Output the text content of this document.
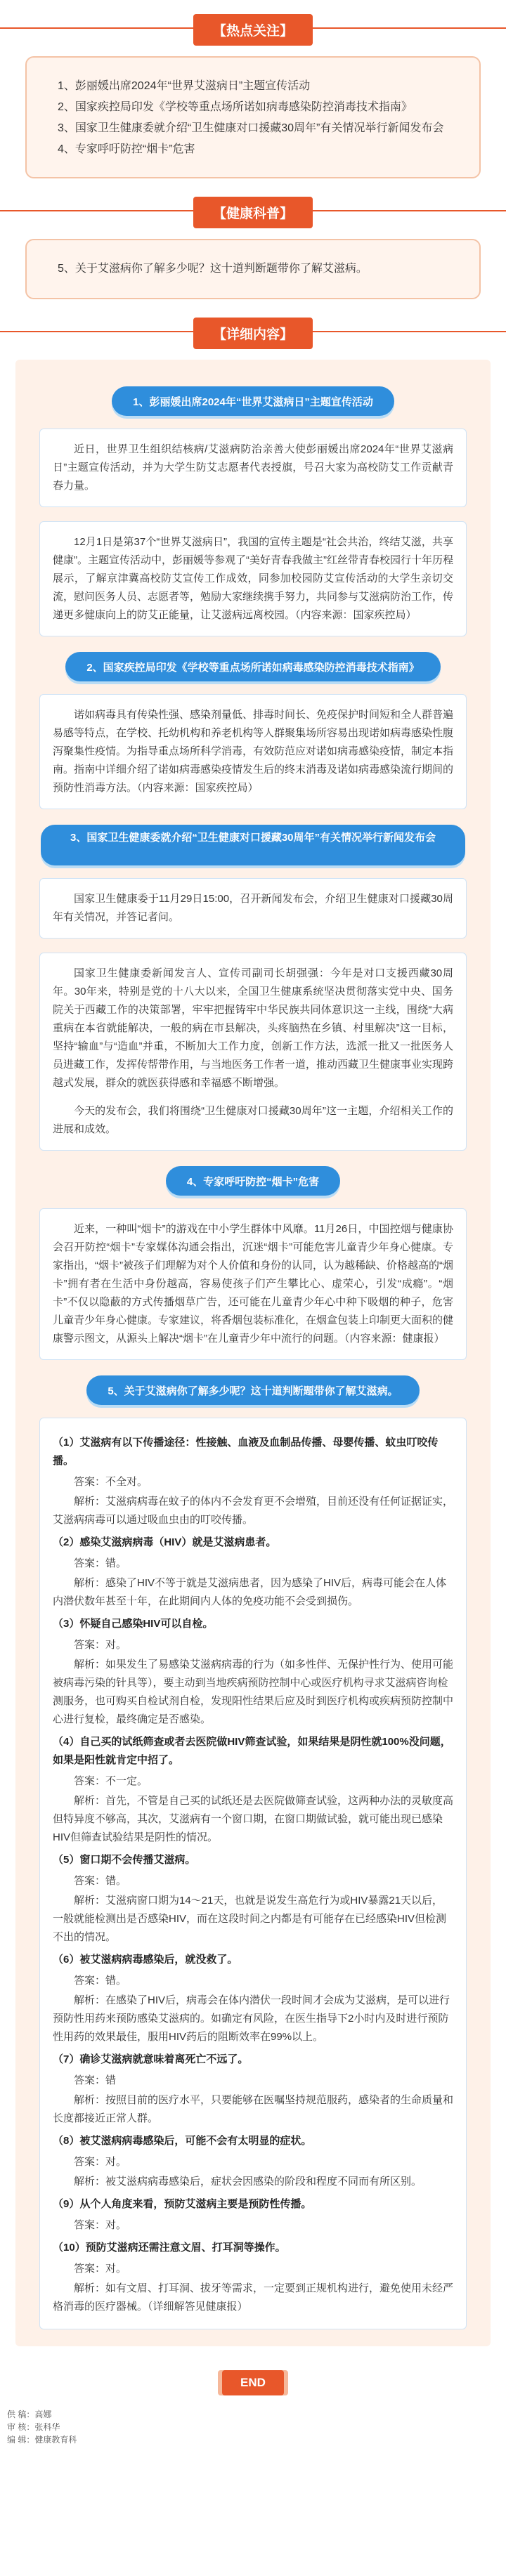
【热点关注】
1、彭丽媛出席2024年“世界艾滋病日”主题宣传活动
2、国家疾控局印发《学校等重点场所诺如病毒感染防控消毒技术指南》
3、国家卫生健康委就介绍“卫生健康对口援藏30周年”有关情况举行新闻发布会
4、专家呼吁防控“烟卡”危害
【健康科普】
5、关于艾滋病你了解多少呢？这十道判断题带你了解艾滋病。
【详细内容】
1、彭丽媛出席2024年“世界艾滋病日”主题宣传活动

近日，世界卫生组织结核病/艾滋病防治亲善大使彭丽媛出席2024年“世界艾滋病日”主题宣传活动，并为大学生防艾志愿者代表授旗，号召大家为高校防艾工作贡献青春力量。

12月1日是第37个“世界艾滋病日”，我国的宣传主题是“社会共治，终结艾滋，共享健康”。主题宣传活动中，彭丽媛等参观了“美好青春我做主”红丝带青春校园行十年历程展示，了解京津冀高校防艾宣传工作成效，同参加校园防艾宣传活动的大学生亲切交流，慰问医务人员、志愿者等，勉励大家继续携手努力，共同参与艾滋病防治工作，传递更多健康向上的防艾正能量，让艾滋病远离校园。（内容来源：国家疾控局）

2、国家疾控局印发《学校等重点场所诺如病毒感染防控消毒技术指南》

诺如病毒具有传染性强、感染剂量低、排毒时间长、免疫保护时间短和全人群普遍易感等特点，在学校、托幼机构和养老机构等人群聚集场所容易出现诺如病毒感染性腹泻聚集性疫情。为指导重点场所科学消毒，有效防范应对诺如病毒感染疫情，制定本指南。指南中详细介绍了诺如病毒感染疫情发生后的终末消毒及诺如病毒感染流行期间的预防性消毒方法。（内容来源：国家疾控局）

3、国家卫生健康委就介绍“卫生健康对口援藏30周年”有关情况举行新闻发布会

国家卫生健康委于11月29日15:00，召开新闻发布会，介绍卫生健康对口援藏30周年有关情况，并答记者问。

国家卫生健康委新闻发言人、宣传司副司长胡强强：今年是对口支援西藏30周年。30年来，特别是党的十八大以来，全国卫生健康系统坚决贯彻落实党中央、国务院关于西藏工作的决策部署，牢牢把握铸牢中华民族共同体意识这一主线，围绕“大病重病在本省就能解决，一般的病在市县解决，头疼脑热在乡镇、村里解决”这一目标，坚持“输血”与“造血”并重，不断加大工作力度，创新工作方法，选派一批又一批医务人员进藏工作，发挥传帮带作用，与当地医务工作者一道，推动西藏卫生健康事业实现跨越式发展，群众的就医获得感和幸福感不断增强。

今天的发布会，我们将围绕“卫生健康对口援藏30周年”这一主题，介绍相关工作的进展和成效。

4、专家呼吁防控“烟卡”危害

近来，一种叫“烟卡”的游戏在中小学生群体中风靡。11月26日，中国控烟与健康协会召开防控“烟卡”专家媒体沟通会指出，沉迷“烟卡”可能危害儿童青少年身心健康。专家指出，“烟卡”被孩子们理解为对个人价值和身份的认同，认为越稀缺、价格越高的“烟卡”拥有者在生活中身份越高，容易使孩子们产生攀比心、虚荣心，引发“成瘾”。“烟卡”不仅以隐蔽的方式传播烟草广告，还可能在儿童青少年心中种下吸烟的种子，危害儿童青少年身心健康。专家建议，将香烟包装标准化，在烟盒包装上印制更大面积的健康警示图文，从源头上解决“烟卡”在儿童青少年中流行的问题。（内容来源：健康报）

5、关于艾滋病你了解多少呢？这十道判断题带你了解艾滋病。
（1）艾滋病有以下传播途径：性接触、血液及血制品传播、母婴传播、蚊虫叮咬传播。
答案：不全对。
解析：艾滋病病毒在蚊子的体内不会发育更不会增殖，目前还没有任何证据证实，艾滋病病毒可以通过吸血虫由的叮咬传播。
（2）感染艾滋病病毒（HIV）就是艾滋病患者。
答案：错。
解析：感染了HIV不等于就是艾滋病患者，因为感染了HIV后，病毒可能会在人体内潜伏数年甚至十年，在此期间内人体的免疫功能不会受到损伤。
（3）怀疑自己感染HIV可以自检。
答案：对。
解析：如果发生了易感染艾滋病病毒的行为（如多性伴、无保护性行为、使用可能被病毒污染的针具等），要主动到当地疾病预防控制中心或医疗机构寻求艾滋病咨询检测服务，也可购买自检试剂自检，发现阳性结果后应及时到医疗机构或疾病预防控制中心进行复检，最终确定是否感染。
（4）自己买的试纸筛查或者去医院做HIV筛查试验，如果结果是阴性就100%没问题，如果是阳性就肯定中招了。
答案：不一定。
解析：首先，不管是自己买的试纸还是去医院做筛查试验，这两种办法的灵敏度高但特异度不够高，其次，艾滋病有一个窗口期，在窗口期做试验，就可能出现已感染HIV但筛查试验结果是阴性的情况。
（5）窗口期不会传播艾滋病。
答案：错。
解析：艾滋病窗口期为14～21天，也就是说发生高危行为或HIV暴露21天以后，一般就能检测出是否感染HIV，而在这段时间之内都是有可能存在已经感染HIV但检测不出的情况。
（6）被艾滋病病毒感染后，就没救了。
答案：错。
解析：在感染了HIV后，病毒会在体内潜伏一段时间才会成为艾滋病，是可以进行预防性用药来预防感染艾滋病的。如确定有风险，在医生指导下2小时内及时进行预防性用药的效果最佳，服用HIV药后的阻断效率在99%以上。
（7）确诊艾滋病就意味着离死亡不远了。
答案：错
解析：按照目前的医疗水平，只要能够在医嘱坚持规范服药，感染者的生命质量和长度都接近正常人群。
（8）被艾滋病病毒感染后，可能不会有太明显的症状。
答案：对。
解析：被艾滋病病毒感染后，症状会因感染的阶段和程度不同而有所区别。
（9）从个人角度来看，预防艾滋病主要是预防性传播。
答案：对。
（10）预防艾滋病还需注意文眉、打耳洞等操作。
答案：对。
解析：如有文眉、打耳洞、拔牙等需求，一定要到正规机构进行，避免使用未经严格消毒的医疗器械。（详细解答见健康报）
END
供 稿：高娜
审 核：张科华
编 辑：健康教育科
